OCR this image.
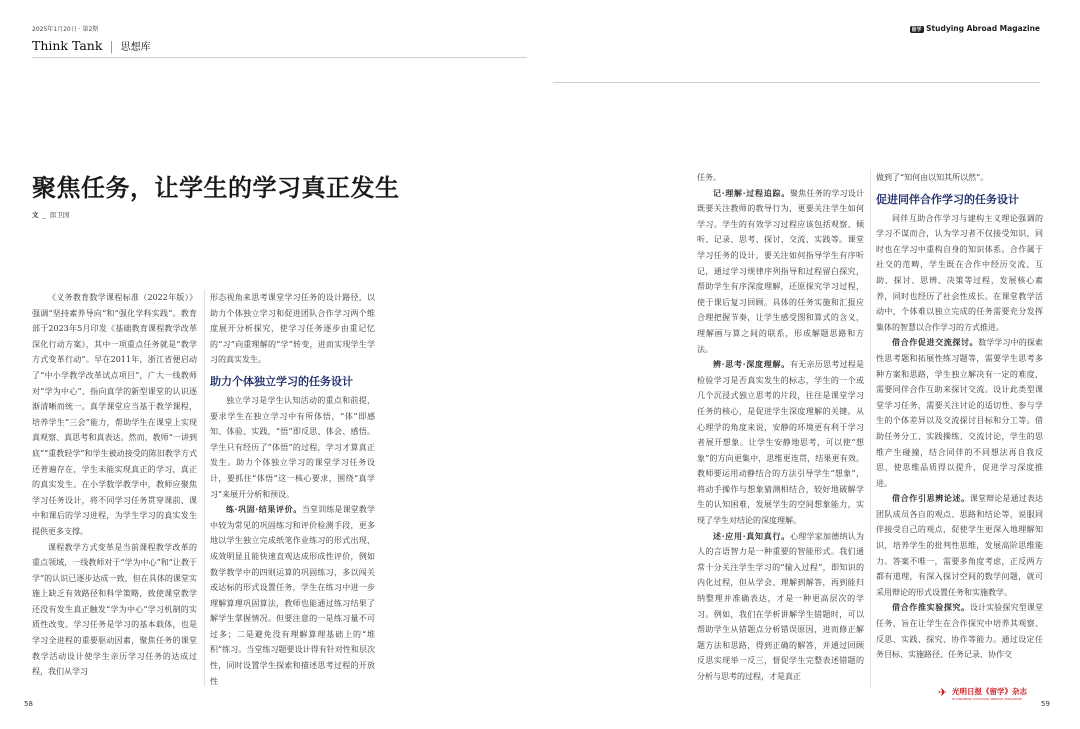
2025年1月20日 · 第2期
Think Tank | 思想库
留学 Studying Abroad Magazine
聚焦任务，让学生的学习真正发生
文 _ 郎卫国

《义务教育数学课程标准（2022年版）》强调“坚持素养导向”和“强化学科实践”。教育部于2023年5月印发《基础教育课程教学改革深化行动方案》，其中一项重点任务就是“教学方式变革行动”。早在2011年，浙江省便启动了“中小学教学改革试点项目”，广大一线教师对“学为中心”、指向真学的新型课堂的认识逐渐清晰而统一。真学课堂应当基于教学课程，培养学生“三会”能力，帮助学生在课堂上实现真观察、真思考和真表达。然而，教师“一讲到底”“重教轻学”和学生被动接受的陈旧教学方式还普遍存在，学生未能实现真正的学习，真正的真实发生。在小学数学教学中，教师应聚焦学习任务设计，将不同学习任务贯穿课前、课中和课后的学习进程，为学生学习的真实发生提供更多支撑。

课程教学方式变革是当前课程教学改革的重点领域，一线教师对于“学为中心”和“让教于学”的认识已逐步达成一致，但在具体的课堂实施上缺乏有效路径和科学策略，致使课堂教学还没有发生真正触发“学为中心”学习机制的实质性改变。学习任务是学习的基本载体，也是学习全进程的重要驱动因素，聚焦任务的课堂教学活动设计使学生亲历学习任务的达成过程，我们从学习

形态视角来思考课堂学习任务的设计路径，以助力个体独立学习和促进团队合作学习两个维度展开分析探究，使学习任务逐步由重记忆的“习”向重理解的“学”转变，进而实现学生学习的真实发生。

助力个体独立学习的任务设计

独立学习是学生认知活动的重点和前提，要求学生在独立学习中有所体悟，“体”即感知、体验、实践，“悟”即反思、体会、感悟。学生只有经历了“体悟”的过程，学习才算真正发生。助力个体独立学习的课堂学习任务设计，要抓住“体悟”这一核心要求，围绕“真学习”来展开分析和预设。

练·巩固·结果评价。当堂训练是课堂教学中较为常见的巩固练习和评价检测手段，更多地以学生独立完成纸笔作业练习的形式出现，成效明显且能快速直观达成形成性评价，例如数学教学中的四则运算的巩固练习，多以闯关或达标的形式设置任务，学生在练习中进一步理解算理巩固算法，教师也能通过练习结果了解学生掌握情况。但要注意的一是练习量不可过多；二是避免没有理解算理基础上的“堆积”练习。当堂练习题要设计得有针对性和层次性，同时设置学生探索和描述思考过程的开放性

任务。

记·理解·过程追踪。聚焦任务的学习设计既要关注教师的教导行为，更要关注学生如何学习。学生的有效学习过程应该包括观察、倾听、记录、思考、探讨、交流、实践等。课堂学习任务的设计，要关注如何指导学生有序听记，通过学习规律序列指导和过程留白探究，帮助学生有序深度理解，还原探究学习过程，使于课后复习回顾。具体的任务实施和汇报应合理把握节奏，让学生感受图和算式的含义，理解画与算之间的联系，形成解题思路和方法。

辨·思考·深度理解。有无亲历思考过程是检验学习是否真实发生的标志，学生的一个或几个沉浸式独立思考的片段，往往是课堂学习任务的核心，是促进学生深度理解的关键。从心理学的角度来说，安静的环境更有利于学习者展开想象。让学生安静地思考，可以使“想象”的方向更集中，思维更连贯，结果更有效。教师要运用动静结合的方法引导学生“想象”，将动手操作与想象猜测相结合，较好地破解学生的认知困难，发展学生的空间想象能力，实现了学生对结论的深度理解。

述·应用·真知真行。心理学家加德纳认为人的言语智力是一种重要的智能形式。我们通常十分关注学生学习的“输入过程”，即知识的内化过程，但从学会、理解到解答，再到能归纳整理并准确表达，才是一种更高层次的学习。例如，我们在学析讲解学生错题时，可以帮助学生从错题点分析错误原因，进而修正解题方法和思路，得到正确的解答，并通过回顾反思实现举一反三，督促学生完整表述错题的分析与思考的过程，才是真正

做到了“知何由以知其所以然”。

促进同伴合作学习的任务设计

同伴互助合作学习与建构主义理论强调的学习不谋而合，认为学习者不仅接受知识，同时也在学习中重构自身的知识体系。合作属于社交的范畴，学生既在合作中经历交流、互助、探讨、思辨、决策等过程，发展核心素养，同时也经历了社会性成长。在课堂教学活动中，个体难以独立完成的任务需要充分发挥集体的智慧以合作学习的方式推进。

借合作促进交流探讨。数学学习中的探索性思考题和拓展性练习题等，需要学生思考多种方案和思路，学生独立解决有一定的难度，需要同伴合作互助来探讨交流。设计此类型课堂学习任务，需要关注讨论的适切性、参与学生的个体差异以及交流探讨目标和分工等。借助任务分工、实践操练、交流讨论，学生的思维产生碰撞，结合同伴的不同想法再自我反思，使思维品质得以提升，促进学习深度推进。

借合作引思辨论述。课堂辩论是通过表达团队成员各自的观点、思路和结论等，说服同伴接受自己的观点，促使学生更深入地理解知识，培养学生的批判性思维，发展高阶思维能力。答案不唯一，需要多角度考虑，正反两方都有道理，有深入探讨空间的数学问题，就可采用辩论的形式设置任务和实施教学。

借合作推实验探究。设计实验探究型课堂任务，旨在让学生在合作探究中培养其观察、反思、实践、探究、协作等能力。通过设定任务目标、实施路径、任务记录、协作交

58	59
✈ 光明日报《留学》杂志
GUANGMING STUDYING ABROAD MAGAZINE
